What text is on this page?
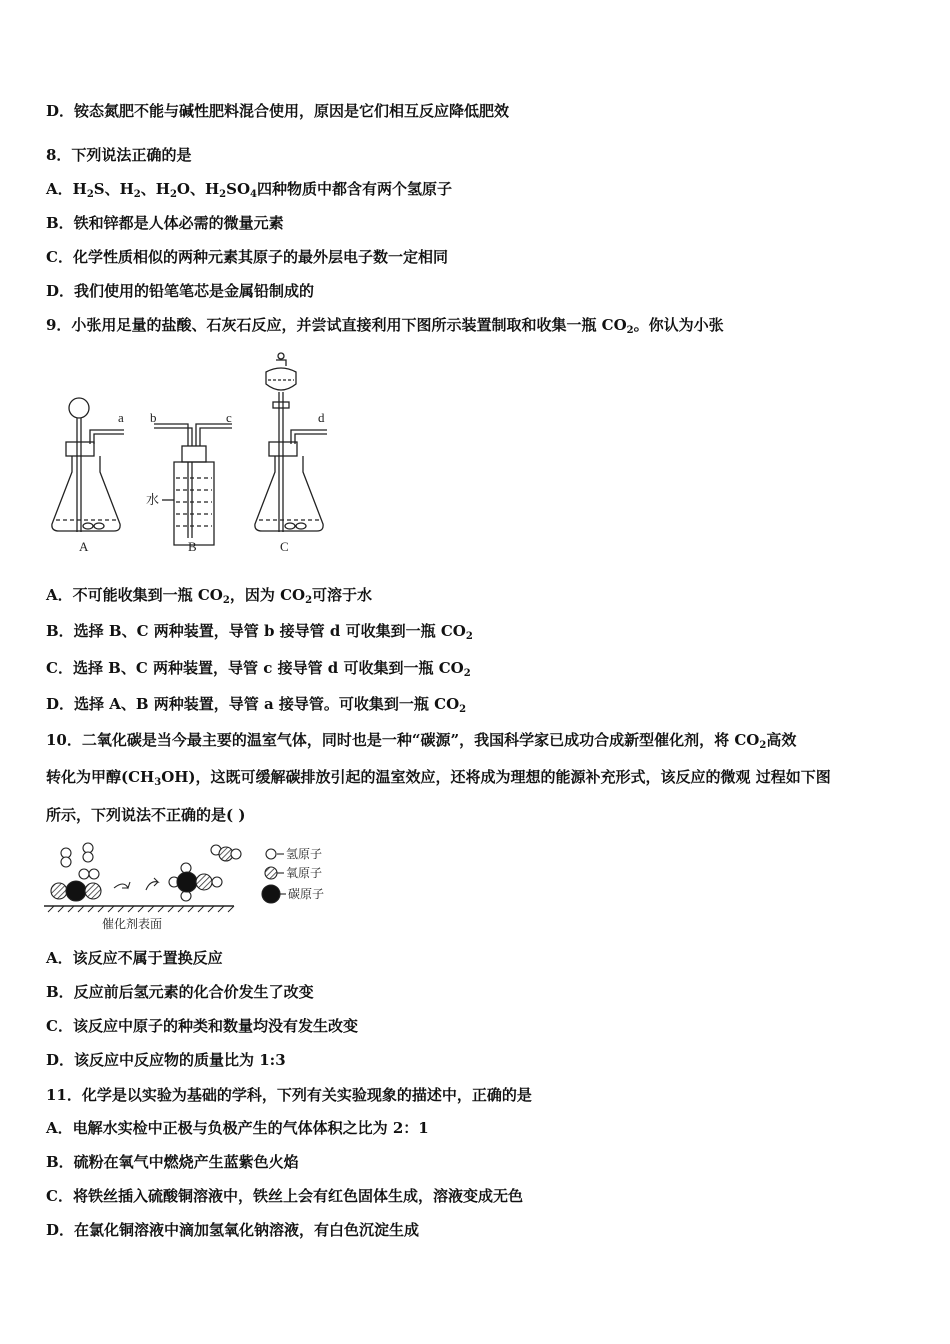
D．铵态氮肥不能与碱性肥料混合使用，原因是它们相互反应降低肥效
8．下列说法正确的是
A．$H_2S$、$H_2$、$H_2O$、$H_2SO_4$四种物质中都含有两个氢原子
B．铁和锌都是人体必需的微量元素
C．化学性质相似的两种元素其原子的最外层电子数一定相同
D．我们使用的铅笔笔芯是金属铅制成的
9．小张用足量的盐酸、石灰石反应，并尝试直接利用下图所示装置制取和收集一瓶 $CO_2$。你认为小张
a b	c	d
水
A	B	C
A．不可能收集到一瓶 $CO_2$，因为 $CO_2$可溶于水
B．选择 B、C 两种装置，导管 b 接导管 d 可收集到一瓶 $CO_2$
C．选择 B、C 两种装置，导管 c 接导管 d 可收集到一瓶 $CO_2$
D．选择 A、B 两种装置，导管 a 接导管。可收集到一瓶 $CO_2$
10．二氧化碳是当今最主要的温室气体，同时也是一种“碳源”，我国科学家已成功合成新型催化剂，将 $CO_2$高效
转化为甲醇$(CH_3OH)$，这既可缓解碳排放引起的温室效应，还将成为理想的能源补充形式，该反应的微观 过程如下图
所示，下列说法不正确的是( )
氢原子
氧原子
碳原子
催化剂表面
A．该反应不属于置换反应
B．反应前后氢元素的化合价发生了改变
C．该反应中原子的种类和数量均没有发生改变
D．该反应中反应物的质量比为 1:3
11．化学是以实验为基础的学科，下列有关实验现象的描述中，正确的是
A．电解水实检中正极与负极产生的气体体积之比为 2：1
B．硫粉在氧气中燃烧产生蓝紫色火焰
C．将铁丝插入硫酸铜溶液中，铁丝上会有红色固体生成，溶液变成无色
D．在氯化铜溶液中滴加氢氧化钠溶液，有白色沉淀生成
